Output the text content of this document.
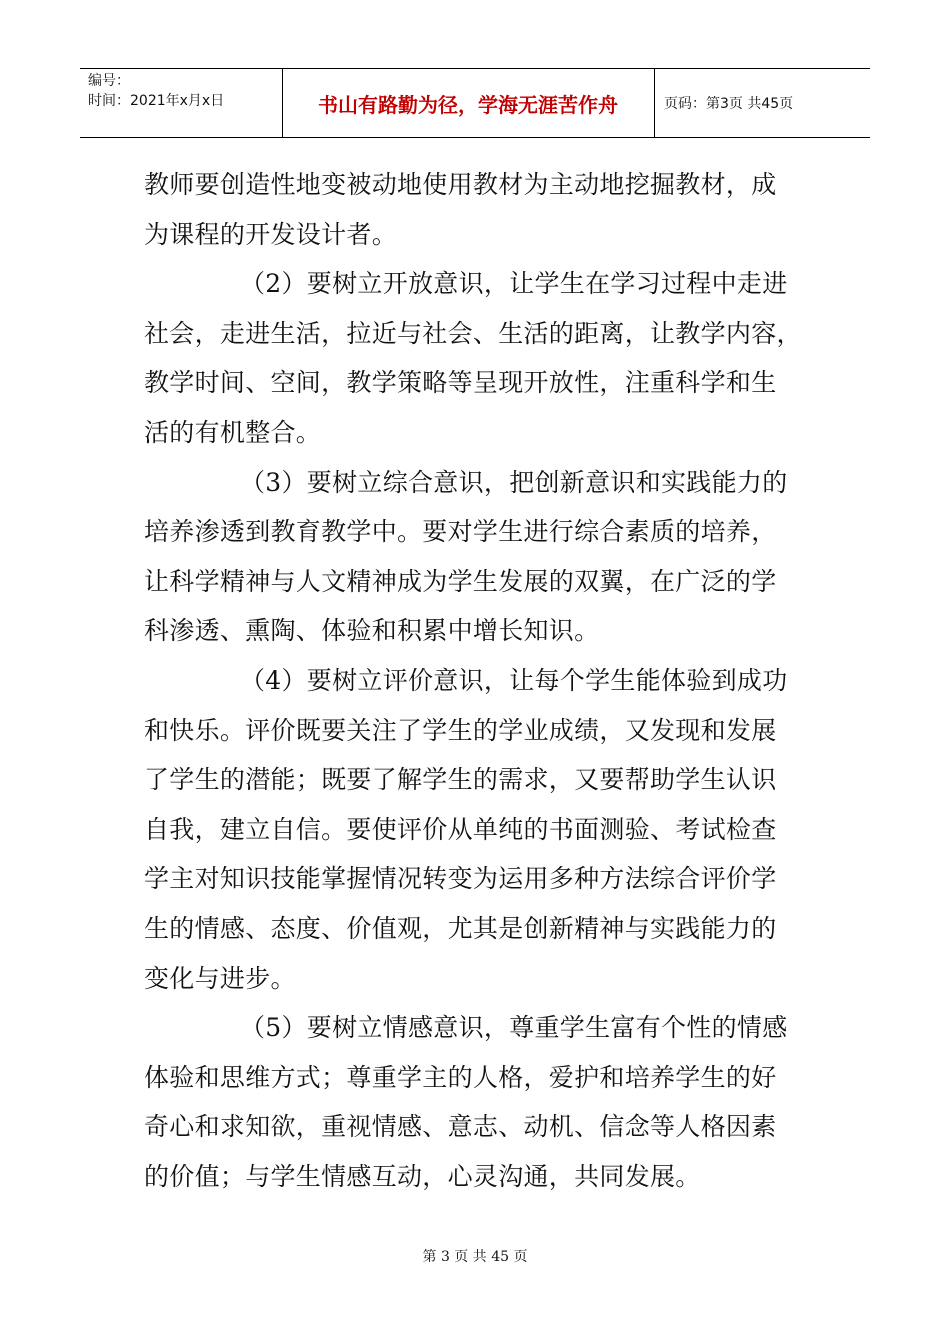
编号：
时间：2021年x月x日	书山有路勤为径，学海无涯苦作舟	页码：第3页 共45页
教师要创造性地变被动地使用教材为主动地挖掘教材，成
为课程的开发设计者。
（2）要树立开放意识，让学生在学习过程中走进
社会，走进生活，拉近与社会、生活的距离，让教学内容，
教学时间、空间，教学策略等呈现开放性，注重科学和生
活的有机整合。
（3）要树立综合意识，把创新意识和实践能力的
培养渗透到教育教学中。要对学生进行综合素质的培养，
让科学精神与人文精神成为学生发展的双翼，在广泛的学
科渗透、熏陶、体验和积累中增长知识。
（4）要树立评价意识，让每个学生能体验到成功
和快乐。评价既要关注了学生的学业成绩，又发现和发展
了学生的潜能；既要了解学生的需求，又要帮助学生认识
自我，建立自信。要使评价从单纯的书面测验、考试检查
学主对知识技能掌握情况转变为运用多种方法综合评价学
生的情感、态度、价值观，尤其是创新精神与实践能力的
变化与进步。
（5）要树立情感意识，尊重学生富有个性的情感
体验和思维方式；尊重学主的人格，爱护和培养学生的好
奇心和求知欲，重视情感、意志、动机、信念等人格因素
的价值；与学生情感互动，心灵沟通，共同发展。
第 3 页 共 45 页
